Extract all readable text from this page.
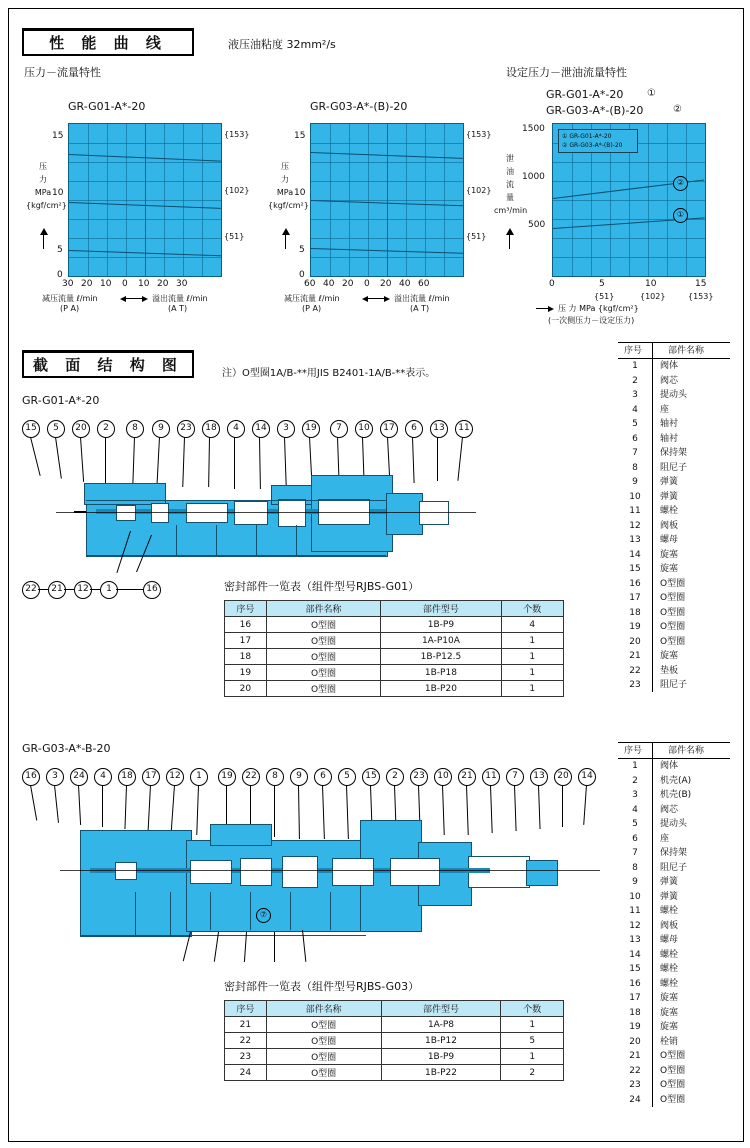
性 能 曲 线	液压油粘度 32mm²/s
压力－流量特性	设定压力－泄油流量特性
GR-G01-A*-20
15
10
5
0
{153}
{102}
{51}
30 20 10 0 10 20 30
减压流量 ℓ/min	溢出流量 ℓ/min
(P A)	(A T)
压
力
MPa
{kgf/cm²}
GR-G03-A*-(B)-20
15
10
5
0
{153}
{102}
{51}
60 40 20 0 20 40 60
减压流量 ℓ/min	溢出流量 ℓ/min
(P A)	(A T)
压
力
MPa
{kgf/cm²}
GR-G01-A*-20 ①
GR-G03-A*-(B)-20	②
① GR-G01-A*-20
② GR-G03-A*-(B)-20
②
①
1500
1000
500
0	5	10	15
{51}	{102}	{153}
泄
油
流
量
cm³/min
压 力 MPa {kgf/cm²}
(一次侧压力－设定压力)
截 面 结 构 图	注）O型圈1A/B-**用JIS B2401-1A/B-**表示。
GR-G01-A*-20
15	5	20	2	8	9	23	18	4	14	3	19	7	10	17	6	13	11
22	21	12	1	16	密封部件一览表（组件型号RJBS-G01）
序号	部件名称	部件型号	个数
16	O型圈	1B-P9	4
17	O型圈	1A-P10A	1
18	O型圈	1B-P12.5	1
19	O型圈	1B-P18	1
20	O型圈	1B-P20	1
序号	部件名称
1	阀体
2	阀芯
3	提动头
4	座
5	轴衬
6	轴衬
7	保持架
8	阻尼子
9	弹簧
10	弹簧
11	螺栓
12	阀板
13	螺母
14	旋塞
15	旋塞
16	O型圈
17	O型圈
18	O型圈
19	O型圈
20	O型圈
21	旋塞
22	垫板
23	阻尼子
GR-G03-A*-B-20
16	3	24	4	18	17	12	1	19	22	8	9	6	5	15	2	23	10	21	11	7	13	20	14
⑦
密封部件一览表（组件型号RJBS-G03）
序号	部件名称	部件型号	个数
21	O型圈	1A-P8	1
22	O型圈	1B-P12	5
23	O型圈	1B-P9	1
24	O型圈	1B-P22	2
序号	部件名称
1	阀体
2	机壳(A)
3	机壳(B)
4	阀芯
5	提动头
6	座
7	保持架
8	阻尼子
9	弹簧
10	弹簧
11	螺栓
12	阀板
13	螺母
14	螺栓
15	螺栓
16	螺栓
17	旋塞
18	旋塞
19	旋塞
20	栓销
21	O型圈
22	O型圈
23	O型圈
24	O型圈
